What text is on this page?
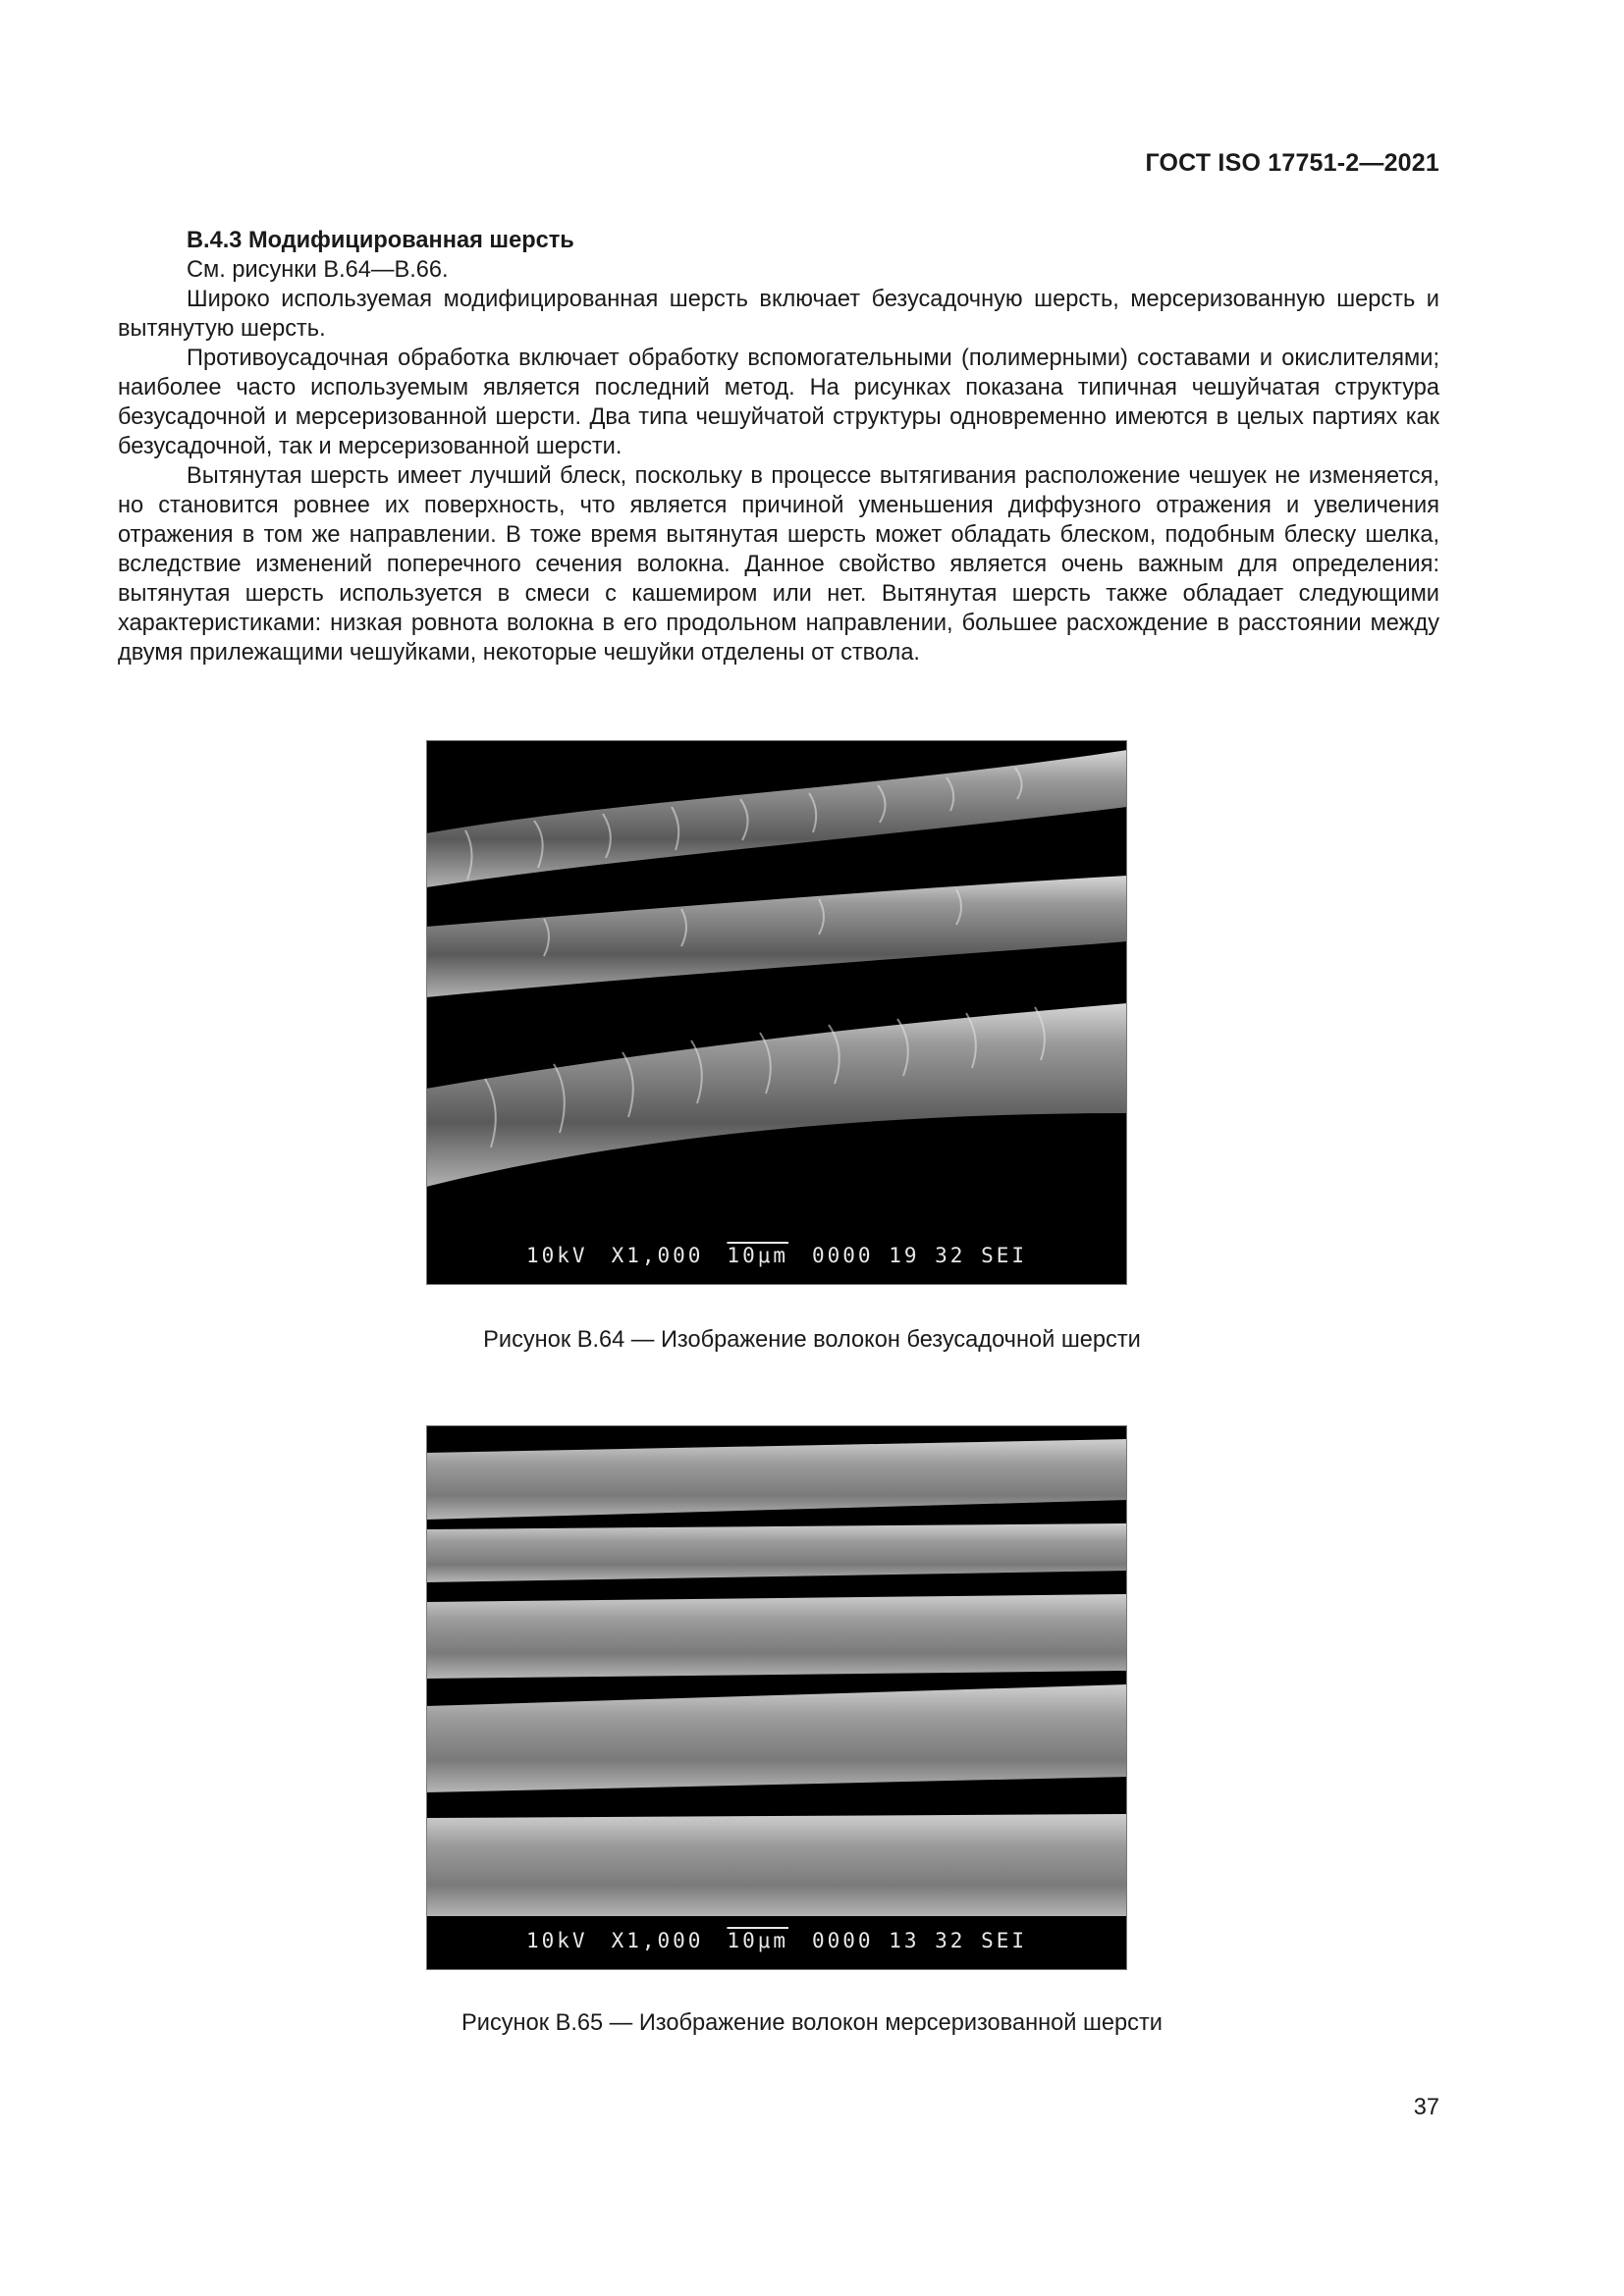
ГОСТ ISO 17751-2—2021
B.4.3 Модифицированная шерсть

См. рисунки B.64—B.66.

Широко используемая модифицированная шерсть включает безусадочную шерсть, мерсеризованную шерсть и вытянутую шерсть.

Противоусадочная обработка включает обработку вспомогательными (полимерными) составами и окислителями; наиболее часто используемым является последний метод. На рисунках показана типичная чешуйчатая структура безусадочной и мерсеризованной шерсти. Два типа чешуйчатой структуры одновременно имеются в целых партиях как безусадочной, так и мерсеризованной шерсти.

Вытянутая шерсть имеет лучший блеск, поскольку в процессе вытягивания расположение чешуек не изменяется, но становится ровнее их поверхность, что является причиной уменьшения диффузного отражения и увеличения отражения в том же направлении. В тоже время вытянутая шерсть может обладать блеском, подобным блеску шелка, вследствие изменений поперечного сечения волокна. Данное свойство является очень важным для определения: вытянутая шерсть используется в смеси с кашемиром или нет. Вытянутая шерсть также обладает следующими характеристиками: низкая ровнота волокна в его продольном направлении, большее расхождение в расстоянии между двумя прилежащими чешуйками, некоторые чешуйки отделены от ствола.

10kV X1,000 10μm 0000 19 32 SEI

Рисунок B.64 — Изображение волокон безусадочной шерсти

10kV X1,000 10μm 0000 13 32 SEI

Рисунок B.65 — Изображение волокон мерсеризованной шерсти

37
